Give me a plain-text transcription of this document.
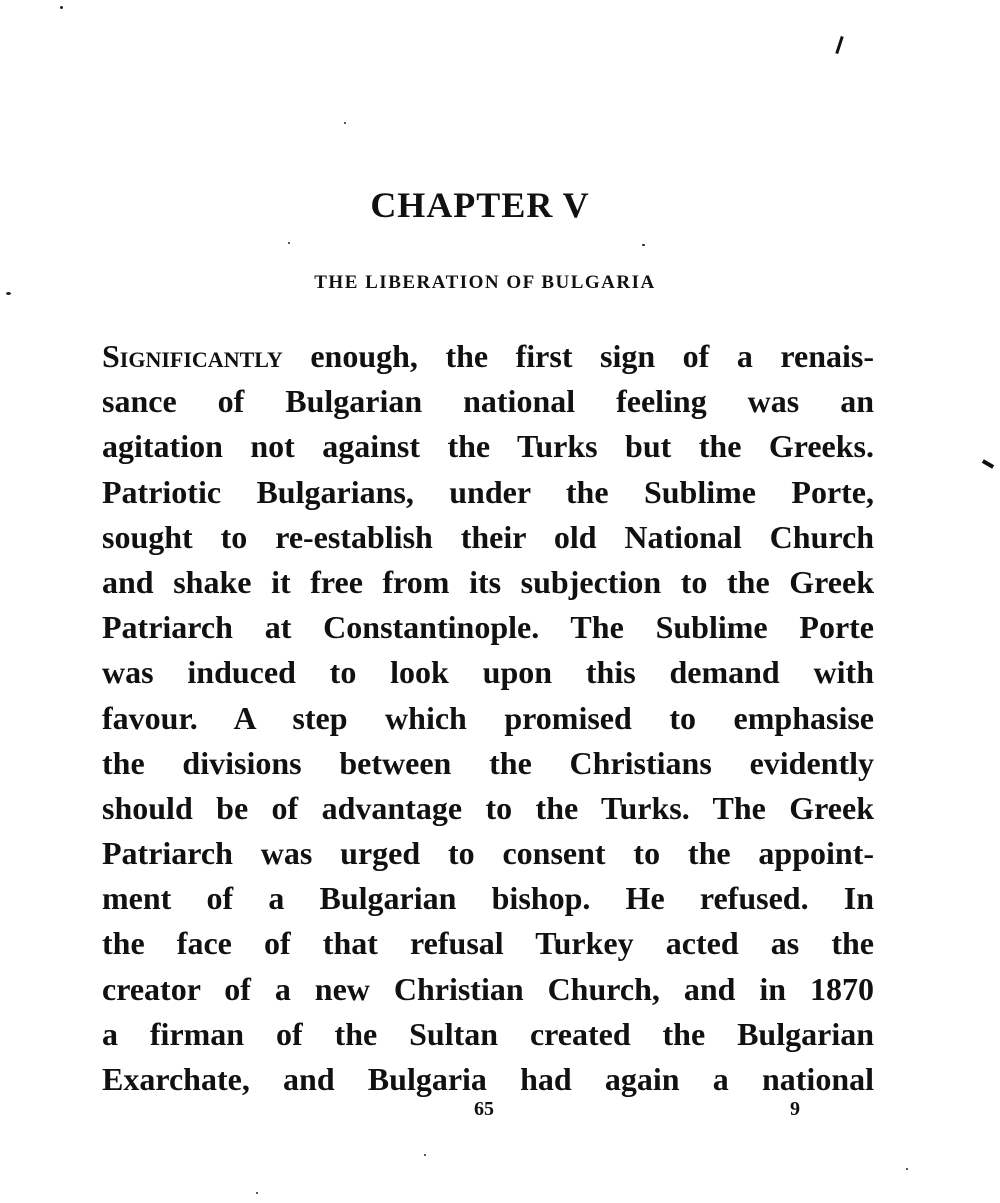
CHAPTER V
THE LIBERATION OF BULGARIA
Significantly enough, the first sign of a renais-
sance of Bulgarian national feeling was an
agitation not against the Turks but the Greeks.
Patriotic Bulgarians, under the Sublime Porte,
sought to re-establish their old National Church
and shake it free from its subjection to the Greek
Patriarch at Constantinople. The Sublime Porte
was induced to look upon this demand with
favour. A step which promised to emphasise
the divisions between the Christians evidently
should be of advantage to the Turks. The Greek
Patriarch was urged to consent to the appoint-
ment of a Bulgarian bishop. He refused. In
the face of that refusal Turkey acted as the
creator of a new Christian Church, and in 1870
a firman of the Sultan created the Bulgarian
Exarchate, and Bulgaria had again a national
65	9
